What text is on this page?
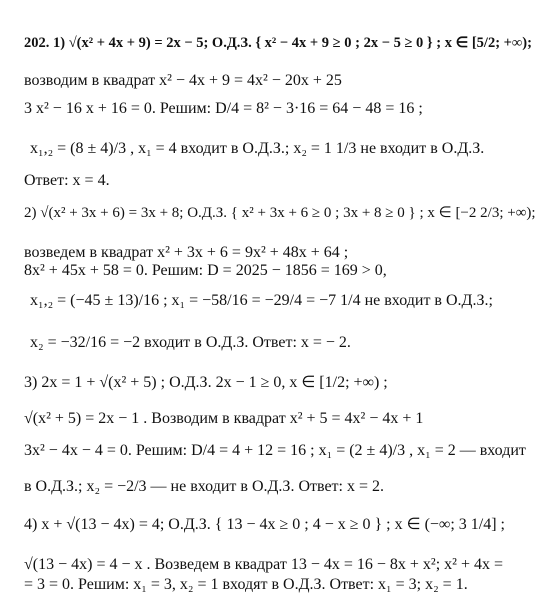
202. 1) √(x² + 4x + 9) = 2x − 5; О.Д.З. { x² − 4x + 9 ≥ 0 ; 2x − 5 ≥ 0 } ; x ∈ [5/2; +∞);
возводим в квадрат x² − 4x + 9 = 4x² − 20x + 25
3 x² − 16 x + 16 = 0. Решим: D/4 = 8² − 3·16 = 64 − 48 = 16 ;
x₁,₂ = (8 ± 4)/3 , x₁ = 4 входит в О.Д.З.; x₂ = 1 1/3 не входит в О.Д.З.
Ответ: x = 4.
2) √(x² + 3x + 6) = 3x + 8; О.Д.З. { x² + 3x + 6 ≥ 0 ; 3x + 8 ≥ 0 } ; x ∈ [−2 2/3; +∞);
возведем в квадрат x² + 3x + 6 = 9x² + 48x + 64 ;
8x² + 45x + 58 = 0. Решим: D = 2025 − 1856 = 169 > 0,
x₁,₂ = (−45 ± 13)/16 ; x₁ = −58/16 = −29/4 = −7 1/4 не входит в О.Д.З.;
x₂ = −32/16 = −2 входит в О.Д.З. Ответ: x = − 2.
3) 2x = 1 + √(x² + 5) ; О.Д.З. 2x − 1 ≥ 0, x ∈ [1/2; +∞) ;
√(x² + 5) = 2x − 1 . Возводим в квадрат x² + 5 = 4x² − 4x + 1
3x² − 4x − 4 = 0. Решим: D/4 = 4 + 12 = 16 ; x₁ = (2 ± 4)/3 , x₁ = 2 — входит
в О.Д.З.; x₂ = −2/3 — не входит в О.Д.З. Ответ: x = 2.
4) x + √(13 − 4x) = 4; О.Д.З. { 13 − 4x ≥ 0 ; 4 − x ≥ 0 } ; x ∈ (−∞; 3 1/4] ;
√(13 − 4x) = 4 − x . Возведем в квадрат 13 − 4x = 16 − 8x + x²; x² + 4x =
= 3 = 0. Решим: x₁ = 3, x₂ = 1 входят в О.Д.З. Ответ: x₁ = 3; x₂ = 1.
